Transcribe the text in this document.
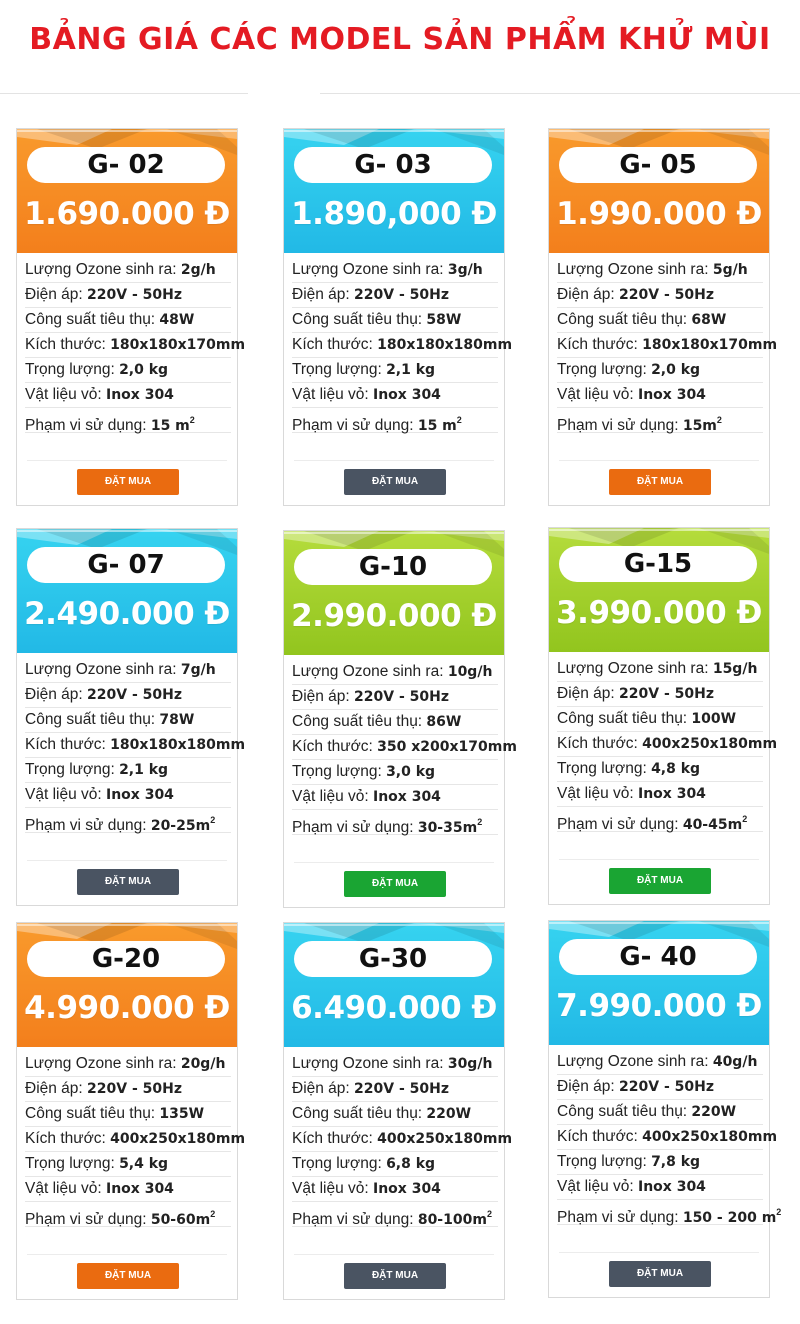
BẢNG GIÁ CÁC MODEL SẢN PHẨM KHỬ MÙI
G- 02
1.690.000 Đ
Lượng Ozone sinh ra: 2g/h
Điện áp: 220V - 50Hz
Công suất tiêu thụ: 48W
Kích thước: 180x180x170mm
Trọng lượng: 2,0 kg
Vật liệu vỏ: Inox 304
Phạm vi sử dụng: 15 $m^2$
ĐẶT MUA
G- 03
1.890,000 Đ
Lượng Ozone sinh ra: 3g/h
Điện áp: 220V - 50Hz
Công suất tiêu thụ: 58W
Kích thước: 180x180x180mm
Trọng lượng: 2,1 kg
Vật liệu vỏ: Inox 304
Phạm vi sử dụng: 15 $m^2$
ĐẶT MUA
G- 05
1.990.000 Đ
Lượng Ozone sinh ra: 5g/h
Điện áp: 220V - 50Hz
Công suất tiêu thụ: 68W
Kích thước: 180x180x170mm
Trọng lượng: 2,0 kg
Vật liệu vỏ: Inox 304
Phạm vi sử dụng: $15m^2$
ĐẶT MUA
G- 07
2.490.000 Đ
Lượng Ozone sinh ra: 7g/h
Điện áp: 220V - 50Hz
Công suất tiêu thụ: 78W
Kích thước: 180x180x180mm
Trọng lượng: 2,1 kg
Vật liệu vỏ: Inox 304
Phạm vi sử dụng: $20-25m^2$
ĐẶT MUA
G-10
2.990.000 Đ
Lượng Ozone sinh ra: 10g/h
Điện áp: 220V - 50Hz
Công suất tiêu thụ: 86W
Kích thước: 350 x200x170mm
Trọng lượng: 3,0 kg
Vật liệu vỏ: Inox 304
Phạm vi sử dụng: $30-35m^2$
ĐẶT MUA
G-15
3.990.000 Đ
Lượng Ozone sinh ra: 15g/h
Điện áp: 220V - 50Hz
Công suất tiêu thụ: 100W
Kích thước: 400x250x180mm
Trọng lượng: 4,8 kg
Vật liệu vỏ: Inox 304
Phạm vi sử dụng: $40-45m^2$
ĐẶT MUA
G-20
4.990.000 Đ
Lượng Ozone sinh ra: 20g/h
Điện áp: 220V - 50Hz
Công suất tiêu thụ: 135W
Kích thước: 400x250x180mm
Trọng lượng: 5,4 kg
Vật liệu vỏ: Inox 304
Phạm vi sử dụng: $50-60m^2$
ĐẶT MUA
G-30
6.490.000 Đ
Lượng Ozone sinh ra: 30g/h
Điện áp: 220V - 50Hz
Công suất tiêu thụ: 220W
Kích thước: 400x250x180mm
Trọng lượng: 6,8 kg
Vật liệu vỏ: Inox 304
Phạm vi sử dụng: $80-100m^2$
ĐẶT MUA
G- 40
7.990.000 Đ
Lượng Ozone sinh ra: 40g/h
Điện áp: 220V - 50Hz
Công suất tiêu thụ: 220W
Kích thước: 400x250x180mm
Trọng lượng: 7,8 kg
Vật liệu vỏ: Inox 304
Phạm vi sử dụng: 150 - 200 $m^2$
ĐẶT MUA
